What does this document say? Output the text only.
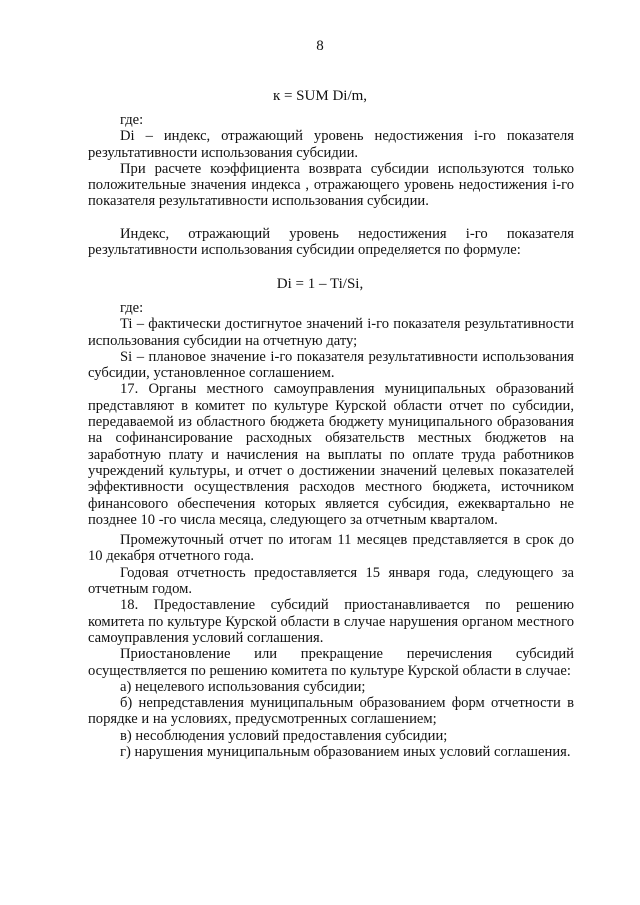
8
к = SUM Di/m,

где:

Di – индекс, отражающий уровень недостижения i-го показателя результативности использования субсидии.

При расчете коэффициента возврата субсидии используются только положительные значения индекса , отражающего уровень недостижения i-го показателя результативности использования субсидии.

Индекс, отражающий уровень недостижения i-го показателя результативности использования субсидии определяется по формуле:

Di = 1 – Ti/Si,

где:

Ti – фактически достигнутое значений i-го показателя результативности использования субсидии на отчетную дату;

Si – плановое значение i-го показателя результативности использования субсидии, установленное соглашением.

17. Органы местного самоуправления муниципальных образований представляют в комитет по культуре Курской области отчет по субсидии, передаваемой из областного бюджета бюджету муниципального образования на софинансирование расходных обязательств местных бюджетов на заработную плату и начисления на выплаты по оплате труда работников учреждений культуры, и отчет о достижении значений целевых показателей эффективности осуществления расходов местного бюджета, источником финансового обеспечения которых является субсидия, ежеквартально не позднее 10 -го числа месяца, следующего за отчетным кварталом.

Промежуточный отчет по итогам 11 месяцев представляется в срок до 10 декабря отчетного года.

Годовая отчетность предоставляется 15 января года, следующего за отчетным годом.

18. Предоставление субсидий приостанавливается по решению комитета по культуре Курской области в случае нарушения органом местного самоуправления условий соглашения.

Приостановление или прекращение перечисления субсидий осуществляется по решению комитета по культуре Курской области в случае:

а) нецелевого использования субсидии;

б) непредставления муниципальным образованием форм отчетности в порядке и на условиях, предусмотренных соглашением;

в) несоблюдения условий предоставления субсидии;

г) нарушения муниципальным образованием иных условий соглашения.
